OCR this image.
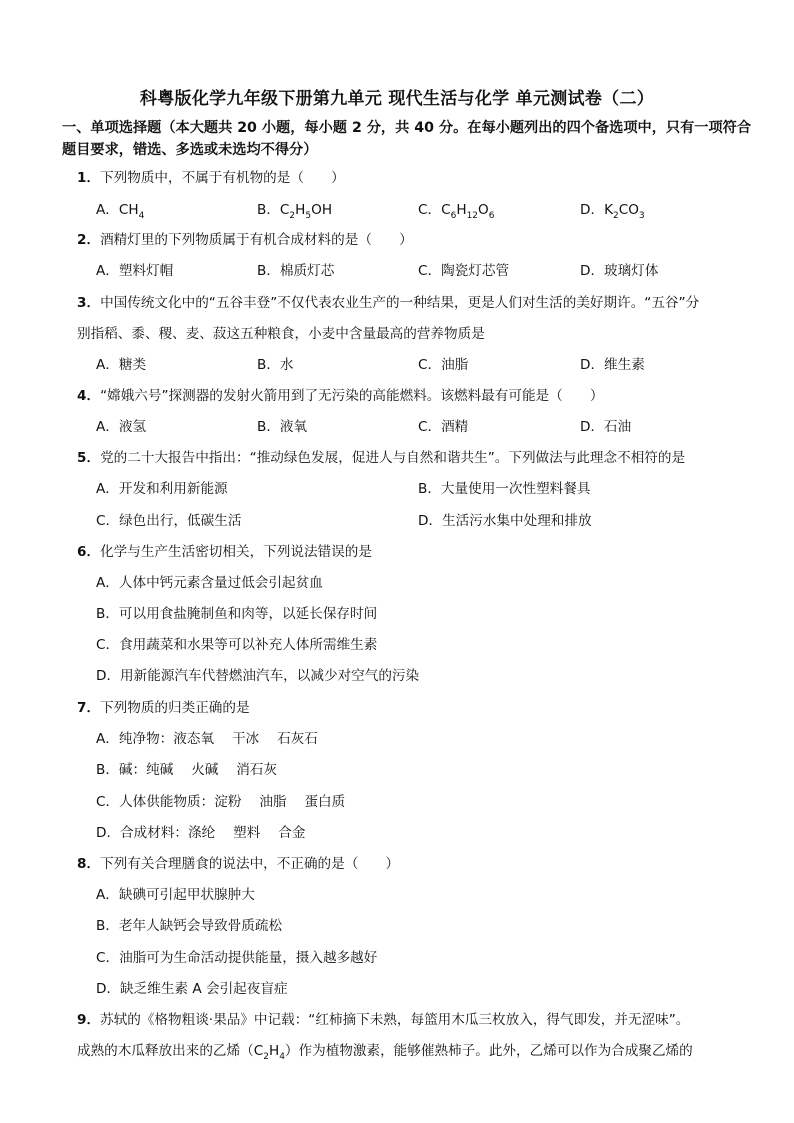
科粤版化学九年级下册第九单元 现代生活与化学 单元测试卷（二）
一、单项选择题（本大题共 20 小题，每小题 2 分，共 40 分。在每小题列出的四个备选项中，只有一项符合题目要求，错选、多选或未选均不得分）
1．下列物质中，不属于有机物的是（　　）
A．$CH_4$	B．$C_2H_5OH$	C．$C_6H_{12}O_6$	D．$K_2CO_3$
2．酒精灯里的下列物质属于有机合成材料的是（　　）
A．塑料灯帽	B．棉质灯芯	C．陶瓷灯芯管	D．玻璃灯体
3．中国传统文化中的“五谷丰登”不仅代表农业生产的一种结果，更是人们对生活的美好期许。“五谷”分
别指稻、黍、稷、麦、菽这五种粮食，小麦中含量最高的营养物质是
A．糖类	B．水	C．油脂	D．维生素
4．“嫦娥六号”探测器的发射火箭用到了无污染的高能燃料。该燃料最有可能是（　　）
A．液氢	B．液氧	C．酒精	D．石油
5．党的二十大报告中指出：“推动绿色发展，促进人与自然和谐共生”。下列做法与此理念不相符的是
A．开发和利用新能源	B．大量使用一次性塑料餐具
C．绿色出行，低碳生活	D．生活污水集中处理和排放
6．化学与生产生活密切相关，下列说法错误的是
A．人体中钙元素含量过低会引起贫血
B．可以用食盐腌制鱼和肉等，以延长保存时间
C．食用蔬菜和水果等可以补充人体所需维生素
D．用新能源汽车代替燃油汽车，以减少对空气的污染
7．下列物质的归类正确的是
A．纯净物：液态氧　 干冰　 石灰石
B．碱：纯碱　 火碱　 消石灰
C．人体供能物质：淀粉　 油脂　 蛋白质
D．合成材料：涤纶　 塑料　 合金
8．下列有关合理膳食的说法中，不正确的是（　　）
A．缺碘可引起甲状腺肿大
B．老年人缺钙会导致骨质疏松
C．油脂可为生命活动提供能量，摄入越多越好
D．缺乏维生素 A 会引起夜盲症
9．苏轼的《格物粗谈·果品》中记载：“红柿摘下未熟，每篮用木瓜三枚放入，得气即发，并无涩味”。
成熟的木瓜释放出来的乙烯$(C_2H_4)$作为植物激素，能够催熟柿子。此外，乙烯可以作为合成聚乙烯的
